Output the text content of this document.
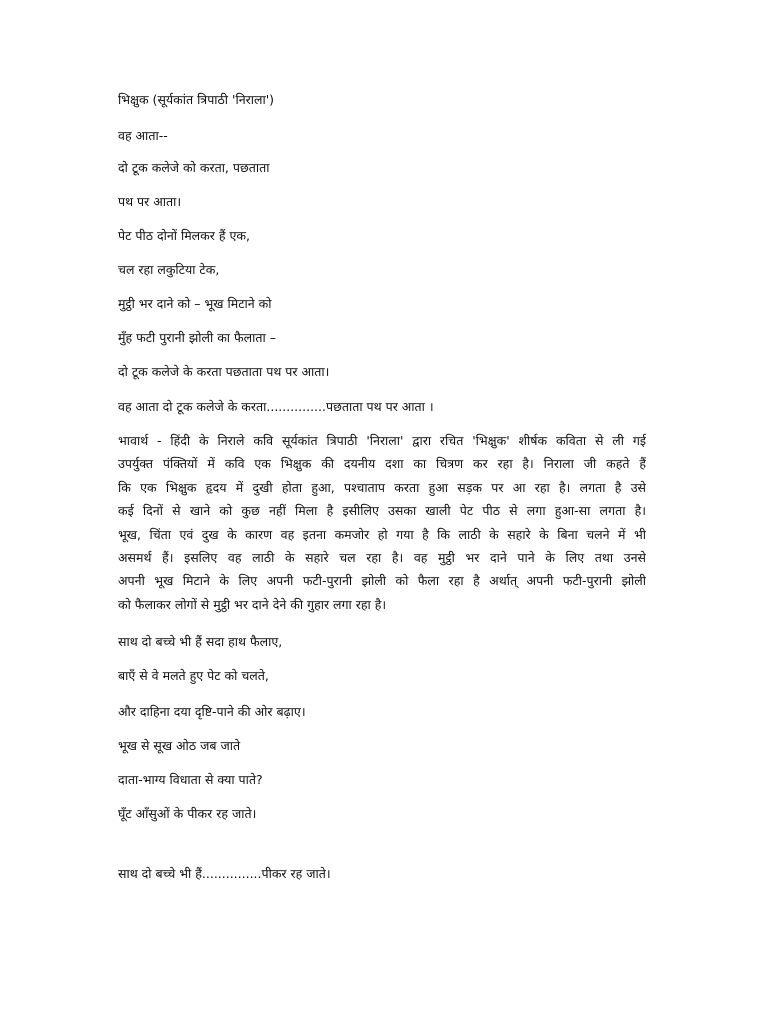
भिक्षुक (सूर्यकांत त्रिपाठी 'निराला')
वह आता--
दो टूक कलेजे को करता, पछताता
पथ पर आता।
पेट पीठ दोनों मिलकर हैं एक,
चल रहा लकुटिया टेक,
मुट्ठी भर दाने को – भूख मिटाने को
मुँह फटी पुरानी झोली का फैलाता –
दो टूक कलेजे के करता पछताता पथ पर आता।
वह आता दो टूक कलेजे के करता...............पछताता पथ पर आता ।
भावार्थ - हिंदी के निराले कवि सूर्यकांत त्रिपाठी 'निराला' द्वारा रचित 'भिक्षुक' शीर्षक कविता से ली गई
उपर्युक्त पंक्तियों में कवि एक भिक्षुक की दयनीय दशा का चित्रण कर रहा है। निराला जी कहते हैं
कि एक भिक्षुक हृदय में दुखी होता हुआ, पश्चाताप करता हुआ सड़क पर आ रहा है। लगता है उसे
कई दिनों से खाने को कुछ नहीं मिला है इसीलिए उसका खाली पेट पीठ से लगा हुआ-सा लगता है।
भूख, चिंता एवं दुख के कारण वह इतना कमजोर हो गया है कि लाठी के सहारे के बिना चलने में भी
असमर्थ हैं। इसलिए वह लाठी के सहारे चल रहा है। वह मुट्ठी भर दाने पाने के लिए तथा उनसे
अपनी भूख मिटाने के लिए अपनी फटी-पुरानी झोली को फैला रहा है अर्थात् अपनी फटी-पुरानी झोली
को फैलाकर लोगों से मुट्ठी भर दाने देने की गुहार लगा रहा है।
साथ दो बच्चे भी हैं सदा हाथ फैलाए,
बाएँ से वे मलते हुए पेट को चलते,
और दाहिना दया दृष्टि-पाने की ओर बढ़ाए।
भूख से सूख ओठ जब जाते
दाता-भाग्य विधाता से क्या पाते?
घूँट आँसुओं के पीकर रह जाते।
साथ दो बच्चे भी हैं...............पीकर रह जाते।
